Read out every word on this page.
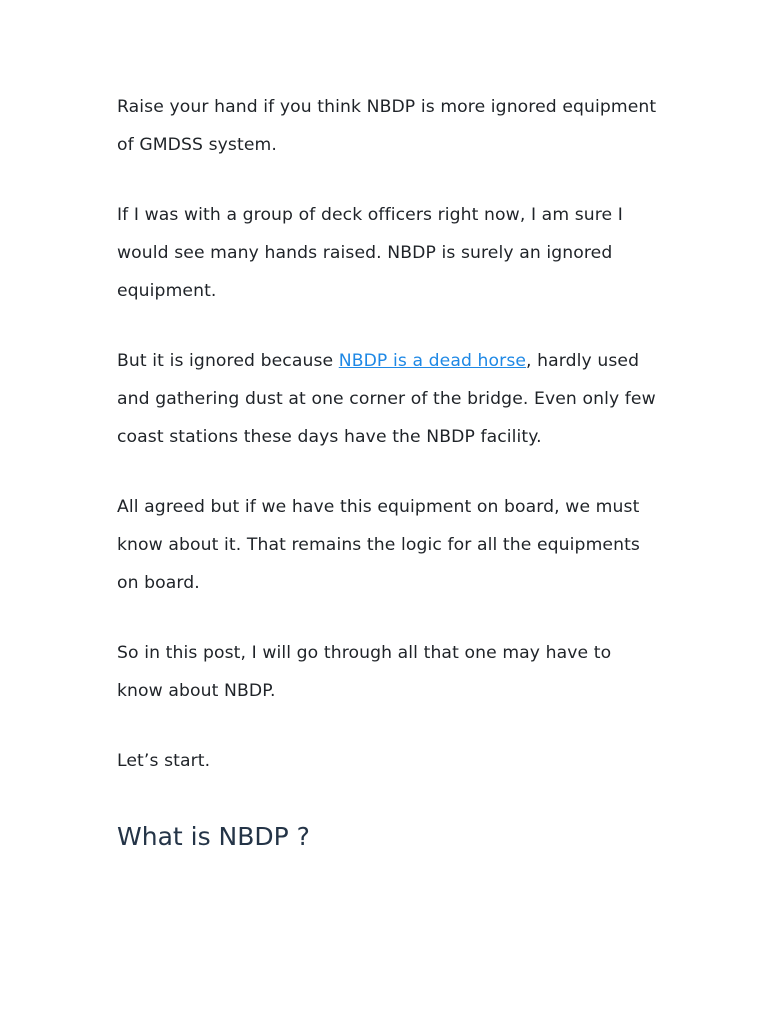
Raise your hand if you think NBDP is more ignored equipment of GMDSS system.

If I was with a group of deck officers right now, I am sure I would see many hands raised. NBDP is surely an ignored equipment.

But it is ignored because NBDP is a dead horse, hardly used and gathering dust at one corner of the bridge. Even only few coast stations these days have the NBDP facility.

All agreed but if we have this equipment on board, we must know about it. That remains the logic for all the equipments on board.

So in this post, I will go through all that one may have to know about NBDP.

Let’s start.

What is NBDP ?
